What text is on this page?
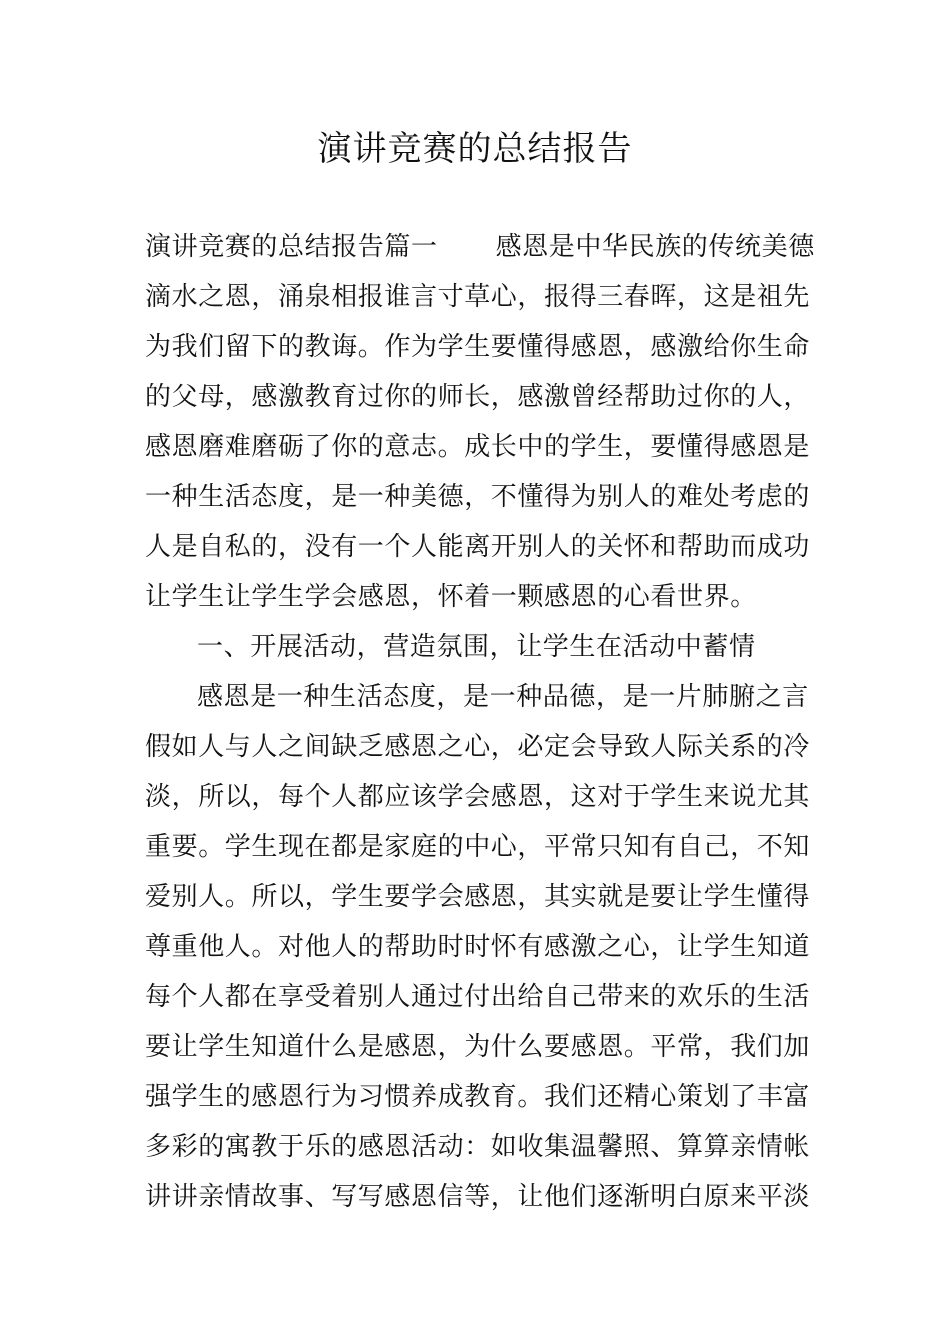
演讲竞赛的总结报告
演讲竞赛的总结报告篇一 感恩是中华民族的传统美德
滴水之恩，涌泉相报谁言寸草心，报得三春晖，这是祖先
为我们留下的教诲。作为学生要懂得感恩，感激给你生命
的父母，感激教育过你的师长，感激曾经帮助过你的人，
感恩磨难磨砺了你的意志。成长中的学生，要懂得感恩是
一种生活态度，是一种美德，不懂得为别人的难处考虑的
人是自私的，没有一个人能离开别人的关怀和帮助而成功
让学生让学生学会感恩，怀着一颗感恩的心看世界。
一、开展活动，营造氛围，让学生在活动中蓄情
感恩是一种生活态度，是一种品德，是一片肺腑之言
假如人与人之间缺乏感恩之心，必定会导致人际关系的冷
淡，所以，每个人都应该学会感恩，这对于学生来说尤其
重要。学生现在都是家庭的中心，平常只知有自己，不知
爱别人。所以，学生要学会感恩，其实就是要让学生懂得
尊重他人。对他人的帮助时时怀有感激之心，让学生知道
每个人都在享受着别人通过付出给自己带来的欢乐的生活
要让学生知道什么是感恩，为什么要感恩。平常，我们加
强学生的感恩行为习惯养成教育。我们还精心策划了丰富
多彩的寓教于乐的感恩活动：如收集温馨照、算算亲情帐
讲讲亲情故事、写写感恩信等，让他们逐渐明白原来平淡
